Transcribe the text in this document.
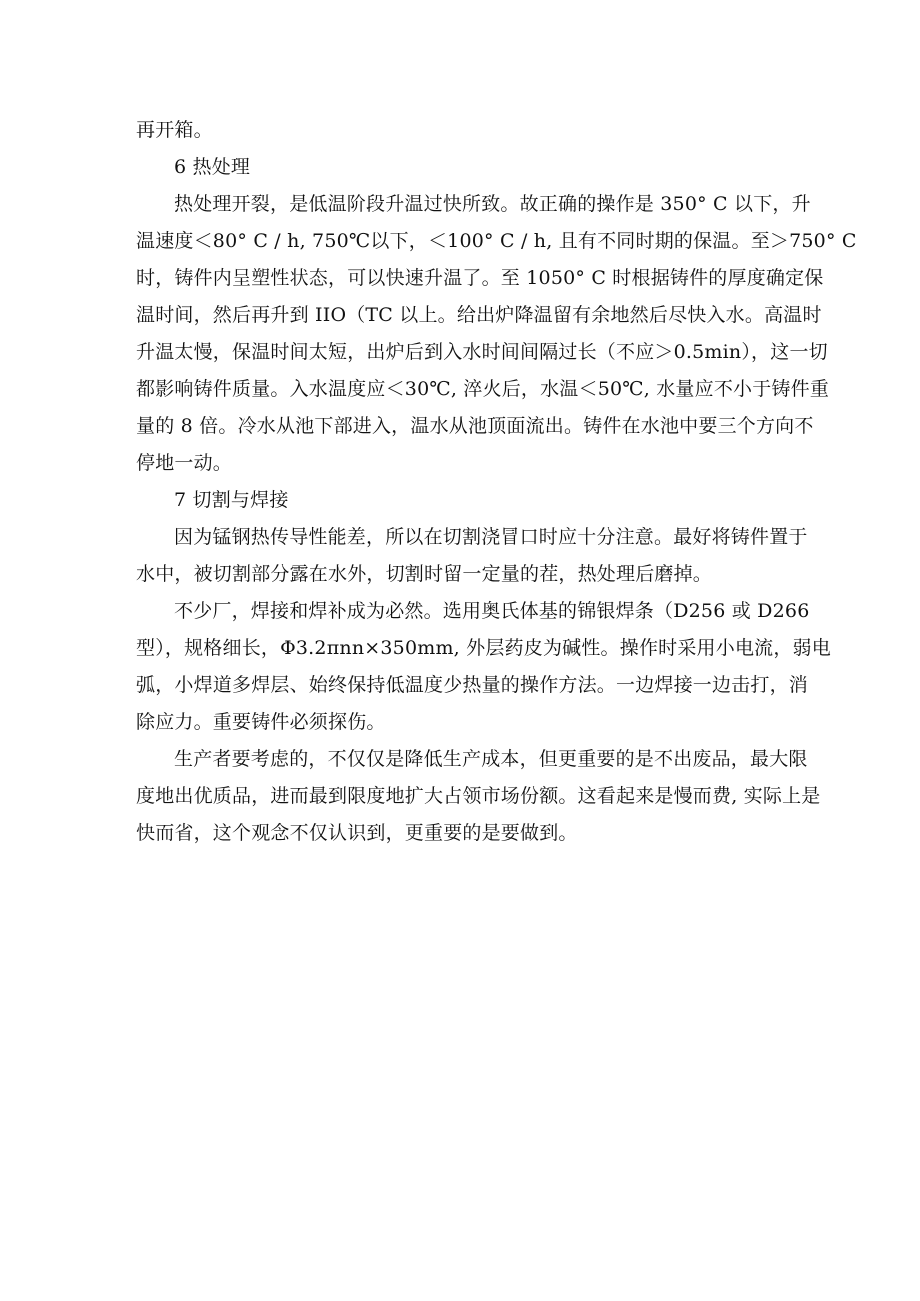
再开箱。
6 热处理
热处理开裂，是低温阶段升温过快所致。故正确的操作是 350° C 以下，升
温速度＜80° C / h, 750℃以下，＜100° C / h, 且有不同时期的保温。至＞750° C
时，铸件内呈塑性状态，可以快速升温了。至 1050° C 时根据铸件的厚度确定保
温时间，然后再升到 IIO（TC 以上。给出炉降温留有余地然后尽快入水。高温时
升温太慢，保温时间太短，出炉后到入水时间间隔过长（不应＞0.5min），这一切
都影响铸件质量。入水温度应＜30℃, 淬火后，水温＜50℃, 水量应不小于铸件重
量的 8 倍。冷水从池下部进入，温水从池顶面流出。铸件在水池中要三个方向不
停地一动。
7 切割与焊接
因为锰钢热传导性能差，所以在切割浇冒口时应十分注意。最好将铸件置于
水中，被切割部分露在水外，切割时留一定量的茬，热处理后磨掉。
不少厂，焊接和焊补成为必然。选用奥氏体基的锦银焊条（D256 或 D266
型），规格细长，Φ3.2πnn×350mm, 外层药皮为碱性。操作时采用小电流，弱电
弧，小焊道多焊层、始终保持低温度少热量的操作方法。一边焊接一边击打，消
除应力。重要铸件必须探伤。
生产者要考虑的，不仅仅是降低生产成本，但更重要的是不出废品，最大限
度地出优质品，进而最到限度地扩大占领市场份额。这看起来是慢而费, 实际上是
快而省，这个观念不仅认识到，更重要的是要做到。
